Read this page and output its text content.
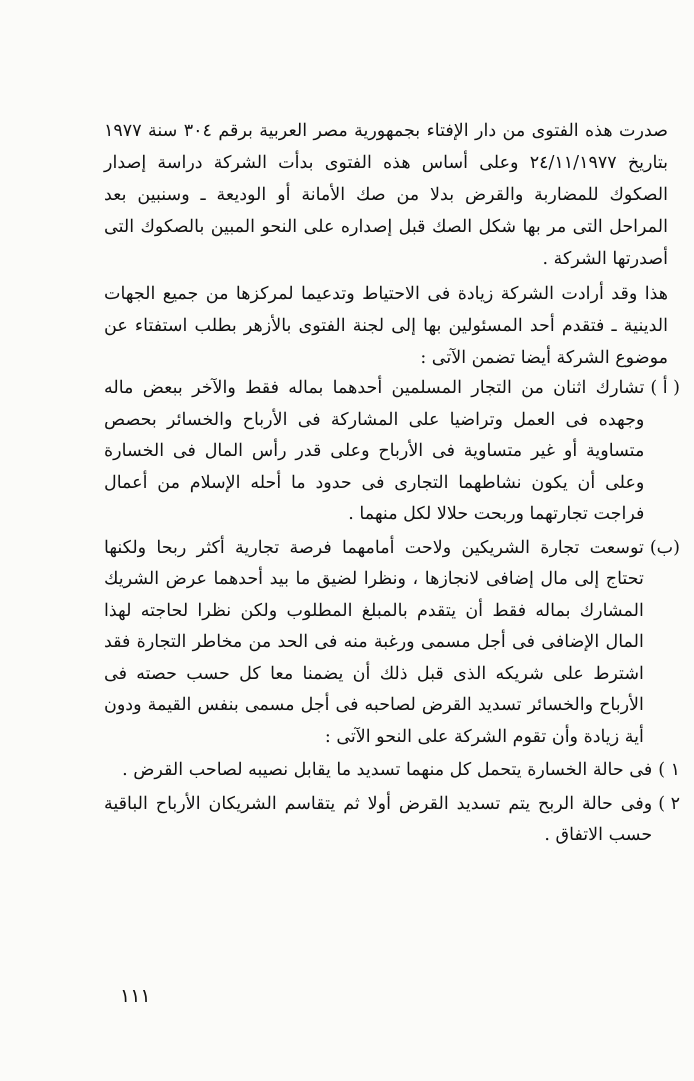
صدرت هذه الفتوى من دار الإفتاء بجمهورية مصر العربية برقم ٣٠٤ سنة ١٩٧٧ بتاريخ ٢٤/١١/١٩٧٧ وعلى أساس هذه الفتوى بدأت الشركة دراسة إصدار الصكوك للمضاربة والقرض بدلا من صك الأمانة أو الوديعة ـ وسنبين بعد المراحل التى مر بها شكل الصك قبل إصداره على النحو المبين بالصكوك التى أصدرتها الشركة .

هذا وقد أرادت الشركة زيادة فى الاحتياط وتدعيما لمركزها من جميع الجهات الدينية ـ فتقدم أحد المسئولين بها إلى لجنة الفتوى بالأزهر بطلب استفتاء عن موضوع الشركة أيضا تضمن الآتى :

( أ )
تشارك اثنان من التجار المسلمين أحدهما بماله فقط والآخر ببعض ماله وجهده فى العمل وتراضيا على المشاركة فى الأرباح والخسائر بحصص متساوية أو غير متساوية فى الأرباح وعلى قدر رأس المال فى الخسارة وعلى أن يكون نشاطهما التجارى فى حدود ما أحله الإسلام من أعمال فراجت تجارتهما وربحت حلالا لكل منهما .
(ب)
توسعت تجارة الشريكين ولاحت أمامهما فرصة تجارية أكثر ربحا ولكنها تحتاج إلى مال إضافى لانجازها ، ونظرا لضيق ما بيد أحدهما عرض الشريك المشارك بماله فقط أن يتقدم بالمبلغ المطلوب ولكن نظرا لحاجته لهذا المال الإضافى فى أجل مسمى ورغبة منه فى الحد من مخاطر التجارة فقد اشترط على شريكه الذى قبل ذلك أن يضمنا معا كل حسب حصته فى الأرباح والخسائر تسديد القرض لصاحبه فى أجل مسمى بنفس القيمة ودون أية زيادة وأن تقوم الشركة على النحو الآتى :
١ )
فى حالة الخسارة يتحمل كل منهما تسديد ما يقابل نصيبه لصاحب القرض .
٢ )
وفى حالة الربح يتم تسديد القرض أولا ثم يتقاسم الشريكان الأرباح الباقية حسب الاتفاق .
١١١
